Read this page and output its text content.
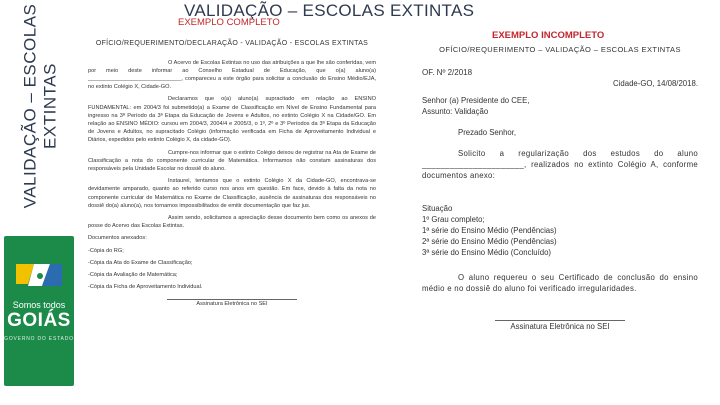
VALIDAÇÃO – ESCOLAS EXTINTAS
Somos todos
GOIÁS
GOVERNO DO ESTADO
VALIDAÇÃO – ESCOLAS EXTINTAS
EXEMPLO COMPLETO
EXEMPLO INCOMPLETO
OFÍCIO/REQUERIMENTO/DECLARAÇÃO - VALIDAÇÃO - ESCOLAS EXTINTAS

O Acervo de Escolas Extintas no uso das atribuições a que lhe são conferidas, vem por meio deste informar ao Conselho Estadual de Educação, que o(a) aluno(a) ______________________________, compareceu a este órgão para solicitar a conclusão do Ensino Médio/EJA, no extinto Colégio X, Cidade-GO.

Declaramos que o(a) aluno(a) supracitado em relação ao ENSINO FUNDAMENTAL: em 2004/3 foi submetido(a) a Exame de Classificação em Nível de Ensino Fundamental para ingresso na 3ª Período da 3ª Etapa da Educação de Jovens e Adultos, no extinto Colégio X na Cidade/GO. Em relação ao ENSINO MÉDIO: cursou em 2004/3, 2004/4 e 2005/3, o 1º, 2º e 3º Períodos da 3ª Etapa da Educação de Jovens e Adultos, no supracitado Colégio (informação verificada em Ficha de Aproveitamento Individual e Diários, expedidos pelo extinto Colégio X, da cidade-GO).

Cumpre-nos informar que o extinto Colégio deixou de registrar na Ata de Exame de Classificação a nota do componente curricular de Matemática. Informamos não constam assinaturas dos responsáveis pela Unidade Escolar no dossiê do aluno.

Instaurei, tentamos que o extinto Colégio X da Cidade-GO, encontrava-se devidamente amparado, quanto ao referido curso nos anos em questão. Em face, devido à falta da nota no componente curricular de Matemática no Exame de Classificação, ausência de assinaturas dos responsáveis no dossiê do(a) aluno(a), nos tornamos impossibilitados de emitir documentação que faz jus.

Assim sendo, solicitamos a apreciação desse documento bem como os anexos de posse do Acervo das Escolas Extintas.

Documentos anexados:

-Cópia do RG;

-Cópia da Ata do Exame de Classificação;

-Cópia da Avaliação de Matemática;

-Cópia da Ficha de Aproveitamento Individual.

Assinatura Eletrônica no SEI
OFÍCIO/REQUERIMENTO – VALIDAÇÃO – ESCOLAS EXTINTAS

OF. Nº 2/2018

Cidade-GO, 14/08/2018.

Senhor (a) Presidente do CEE,

Assunto: Validação

Prezado Senhor,

Solicito a regularização dos estudos do aluno ______________________, realizados no extinto Colégio A, conforme documentos anexo:

Situação

1º Grau completo;

1ª série do Ensino Médio (Pendências)

2ª série do Ensino Médio (Pendências)

3ª série do Ensino Médio (Concluído)

O aluno requereu o seu Certificado de conclusão do ensino médio e no dossiê do aluno foi verificado irregularidades.

Assinatura Eletrônica no SEI
